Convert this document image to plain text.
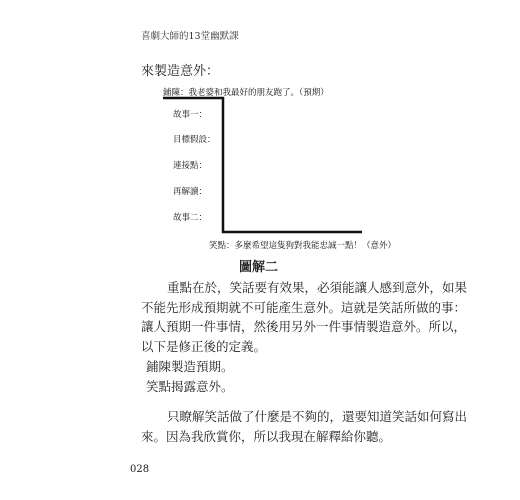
喜劇大師的13堂幽默課
來製造意外：
鋪陳：我老婆和我最好的朋友跑了。（預期）
故事一：
目標假設：
連接點：
再解讀：
故事二：
笑點：多麼希望這隻狗對我能忠誠一點！（意外）
圖解二
重點在於，笑話要有效果，必須能讓人感到意外，如果
不能先形成預期就不可能產生意外。這就是笑話所做的事：
讓人預期一件事情，然後用另外一件事情製造意外。所以，
以下是修正後的定義。
鋪陳製造預期。
笑點揭露意外。
只瞭解笑話做了什麼是不夠的，還要知道笑話如何寫出
來。因為我欣賞你，所以我現在解釋給你聽。
028
